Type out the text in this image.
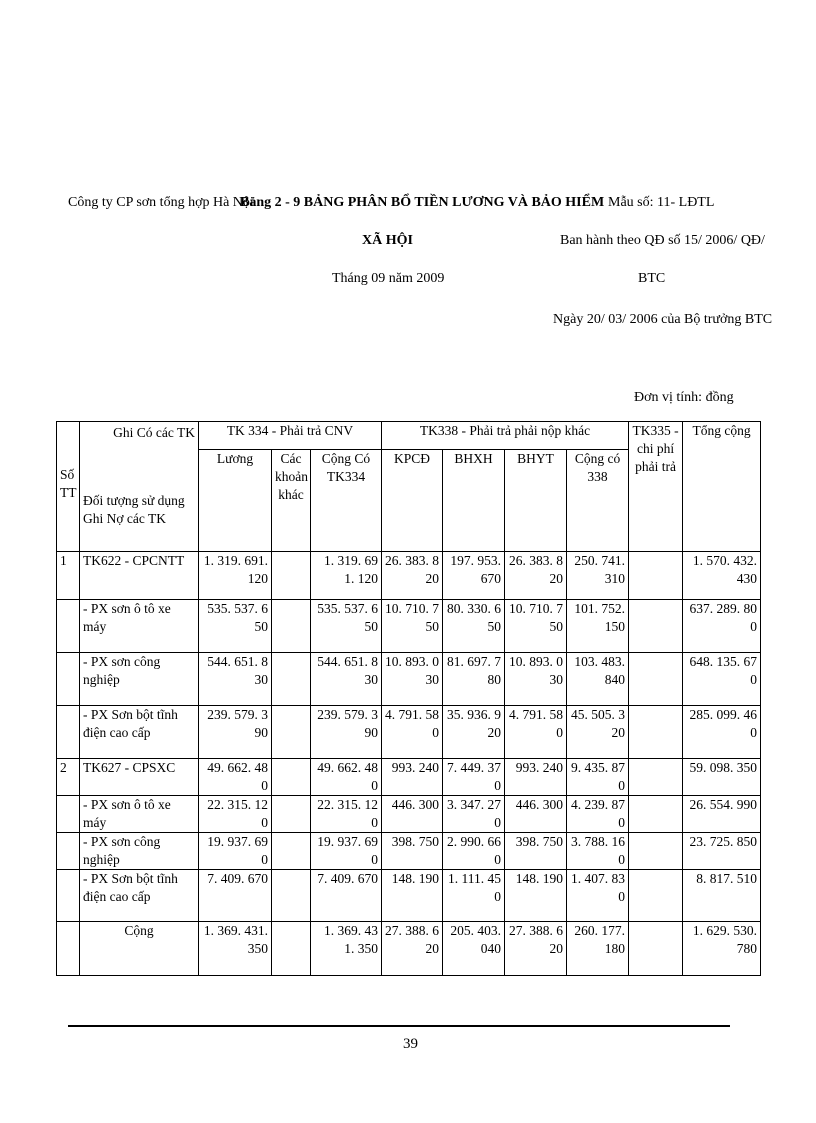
Công ty CP sơn tổng hợp Hà Nội
Bảng 2 - 9 BẢNG PHÂN BỔ TIỀN LƯƠNG VÀ BẢO HIỂM
XÃ HỘI
Tháng 09 năm 2009
Mẫu số: 11- LĐTL
Ban hành theo QĐ số 15/ 2006/ QĐ/
BTC
Ngày 20/ 03/ 2006 của Bộ trưởng BTC
Đơn vị tính: đồng
Số TT	Ghi Có các TK
Đối tượng sử dụng Ghi Nợ các TK	TK 334 - Phải trả CNV			TK338 - Phải trả phải nộp khác				TK335 - chi phí phải trả	Tổng cộng
		Lương	Các khoản khác	Cộng Có TK334	KPCĐ	BHXH	BHYT	Cộng có 338		
1	TK622 - CPCNTT	1. 319. 691. 120		1. 319. 691. 120	26. 383. 820	197. 953. 670	26. 383. 820	250. 741. 310		1. 570. 432. 430
	- PX sơn ô tô xe máy	535. 537. 650		535. 537. 650	10. 710. 750	80. 330. 650	10. 710. 750	101. 752. 150		637. 289. 800
	- PX sơn công nghiệp	544. 651. 830		544. 651. 830	10. 893. 030	81. 697. 780	10. 893. 030	103. 483. 840		648. 135. 670
	- PX Sơn bột tĩnh điện cao cấp	239. 579. 390		239. 579. 390	4. 791. 580	35. 936. 920	4. 791. 580	45. 505. 320		285. 099. 460
2	TK627 - CPSXC	49. 662. 480		49. 662. 480	993. 240	7. 449. 370	993. 240	9. 435. 870		59. 098. 350
	- PX sơn ô tô xe máy	22. 315. 120		22. 315. 120	446. 300	3. 347. 270	446. 300	4. 239. 870		26. 554. 990
	- PX sơn công nghiệp	19. 937. 690		19. 937. 690	398. 750	2. 990. 660	398. 750	3. 788. 160		23. 725. 850
	- PX Sơn bột tĩnh điện cao cấp	7. 409. 670		7. 409. 670	148. 190	1. 111. 450	148. 190	1. 407. 830		8. 817. 510
	Cộng	1. 369. 431. 350		1. 369. 431. 350	27. 388. 620	205. 403. 040	27. 388. 620	260. 177. 180		1. 629. 530. 780
39
